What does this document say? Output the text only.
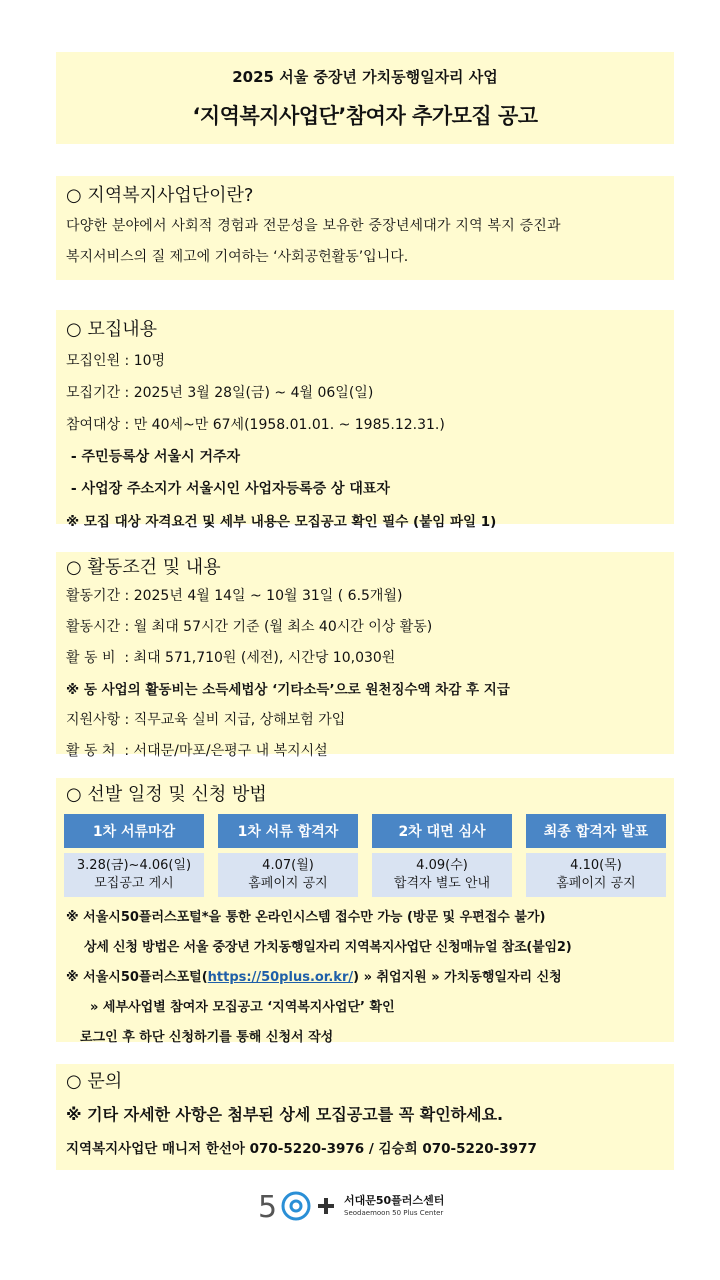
2025 서울 중장년 가치동행일자리 사업
‘지역복지사업단’참여자 추가모집 공고

○ 지역복지사업단이란?

다양한 분야에서 사회적 경험과 전문성을 보유한 중장년세대가 지역 복지 증진과

복지서비스의 질 제고에 기여하는 ‘사회공헌활동’입니다.

○ 모집내용

모집인원 : 10명

모집기간 : 2025년 3월 28일(금) ~ 4월 06일(일)

참여대상 : 만 40세~만 67세(1958.01.01. ~ 1985.12.31.)

- 주민등록상 서울시 거주자

- 사업장 주소지가 서울시인 사업자등록증 상 대표자

※ 모집 대상 자격요건 및 세부 내용은 모집공고 확인 필수 (붙임 파일 1)

○ 활동조건 및 내용

활동기간 : 2025년 4월 14일 ~ 10월 31일 ( 6.5개월)

활동시간 : 월 최대 57시간 기준 (월 최소 40시간 이상 활동)

활 동 비  : 최대 571,710원 (세전), 시간당 10,030원

※ 동 사업의 활동비는 소득세법상 ‘기타소득’으로 원천징수액 차감 후 지급

지원사항 : 직무교육 실비 지급, 상해보험 가입

활 동 처  : 서대문/마포/은평구 내 복지시설

○ 선발 일정 및 신청 방법

1차 서류마감
3.28(금)~4.06(일)
모집공고 게시
1차 서류 합격자
4.07(월)
홈페이지 공지
2차 대면 심사
4.09(수)
합격자 별도 안내
최종 합격자 발표
4.10(목)
홈페이지 공지

※ 서울시50플러스포털*을 통한 온라인시스템 접수만 가능 (방문 및 우편접수 불가)

상세 신청 방법은 서울 중장년 가치동행일자리 지역복지사업단 신청매뉴얼 참조(붙임2)

※ 서울시50플러스포털(https://50plus.or.kr/) » 취업지원 » 가치동행일자리 신청

» 세부사업별 참여자 모집공고 ‘지역복지사업단’ 확인

로그인 후 하단 신청하기를 통해 신청서 작성

○ 문의

※ 기타 자세한 사항은 첨부된 상세 모집공고를 꼭 확인하세요.

지역복지사업단 매니저 한선아 070-5220-3976 / 김승희 070-5220-3977

5	서대문50플러스센터
Seodaemoon 50 Plus Center
